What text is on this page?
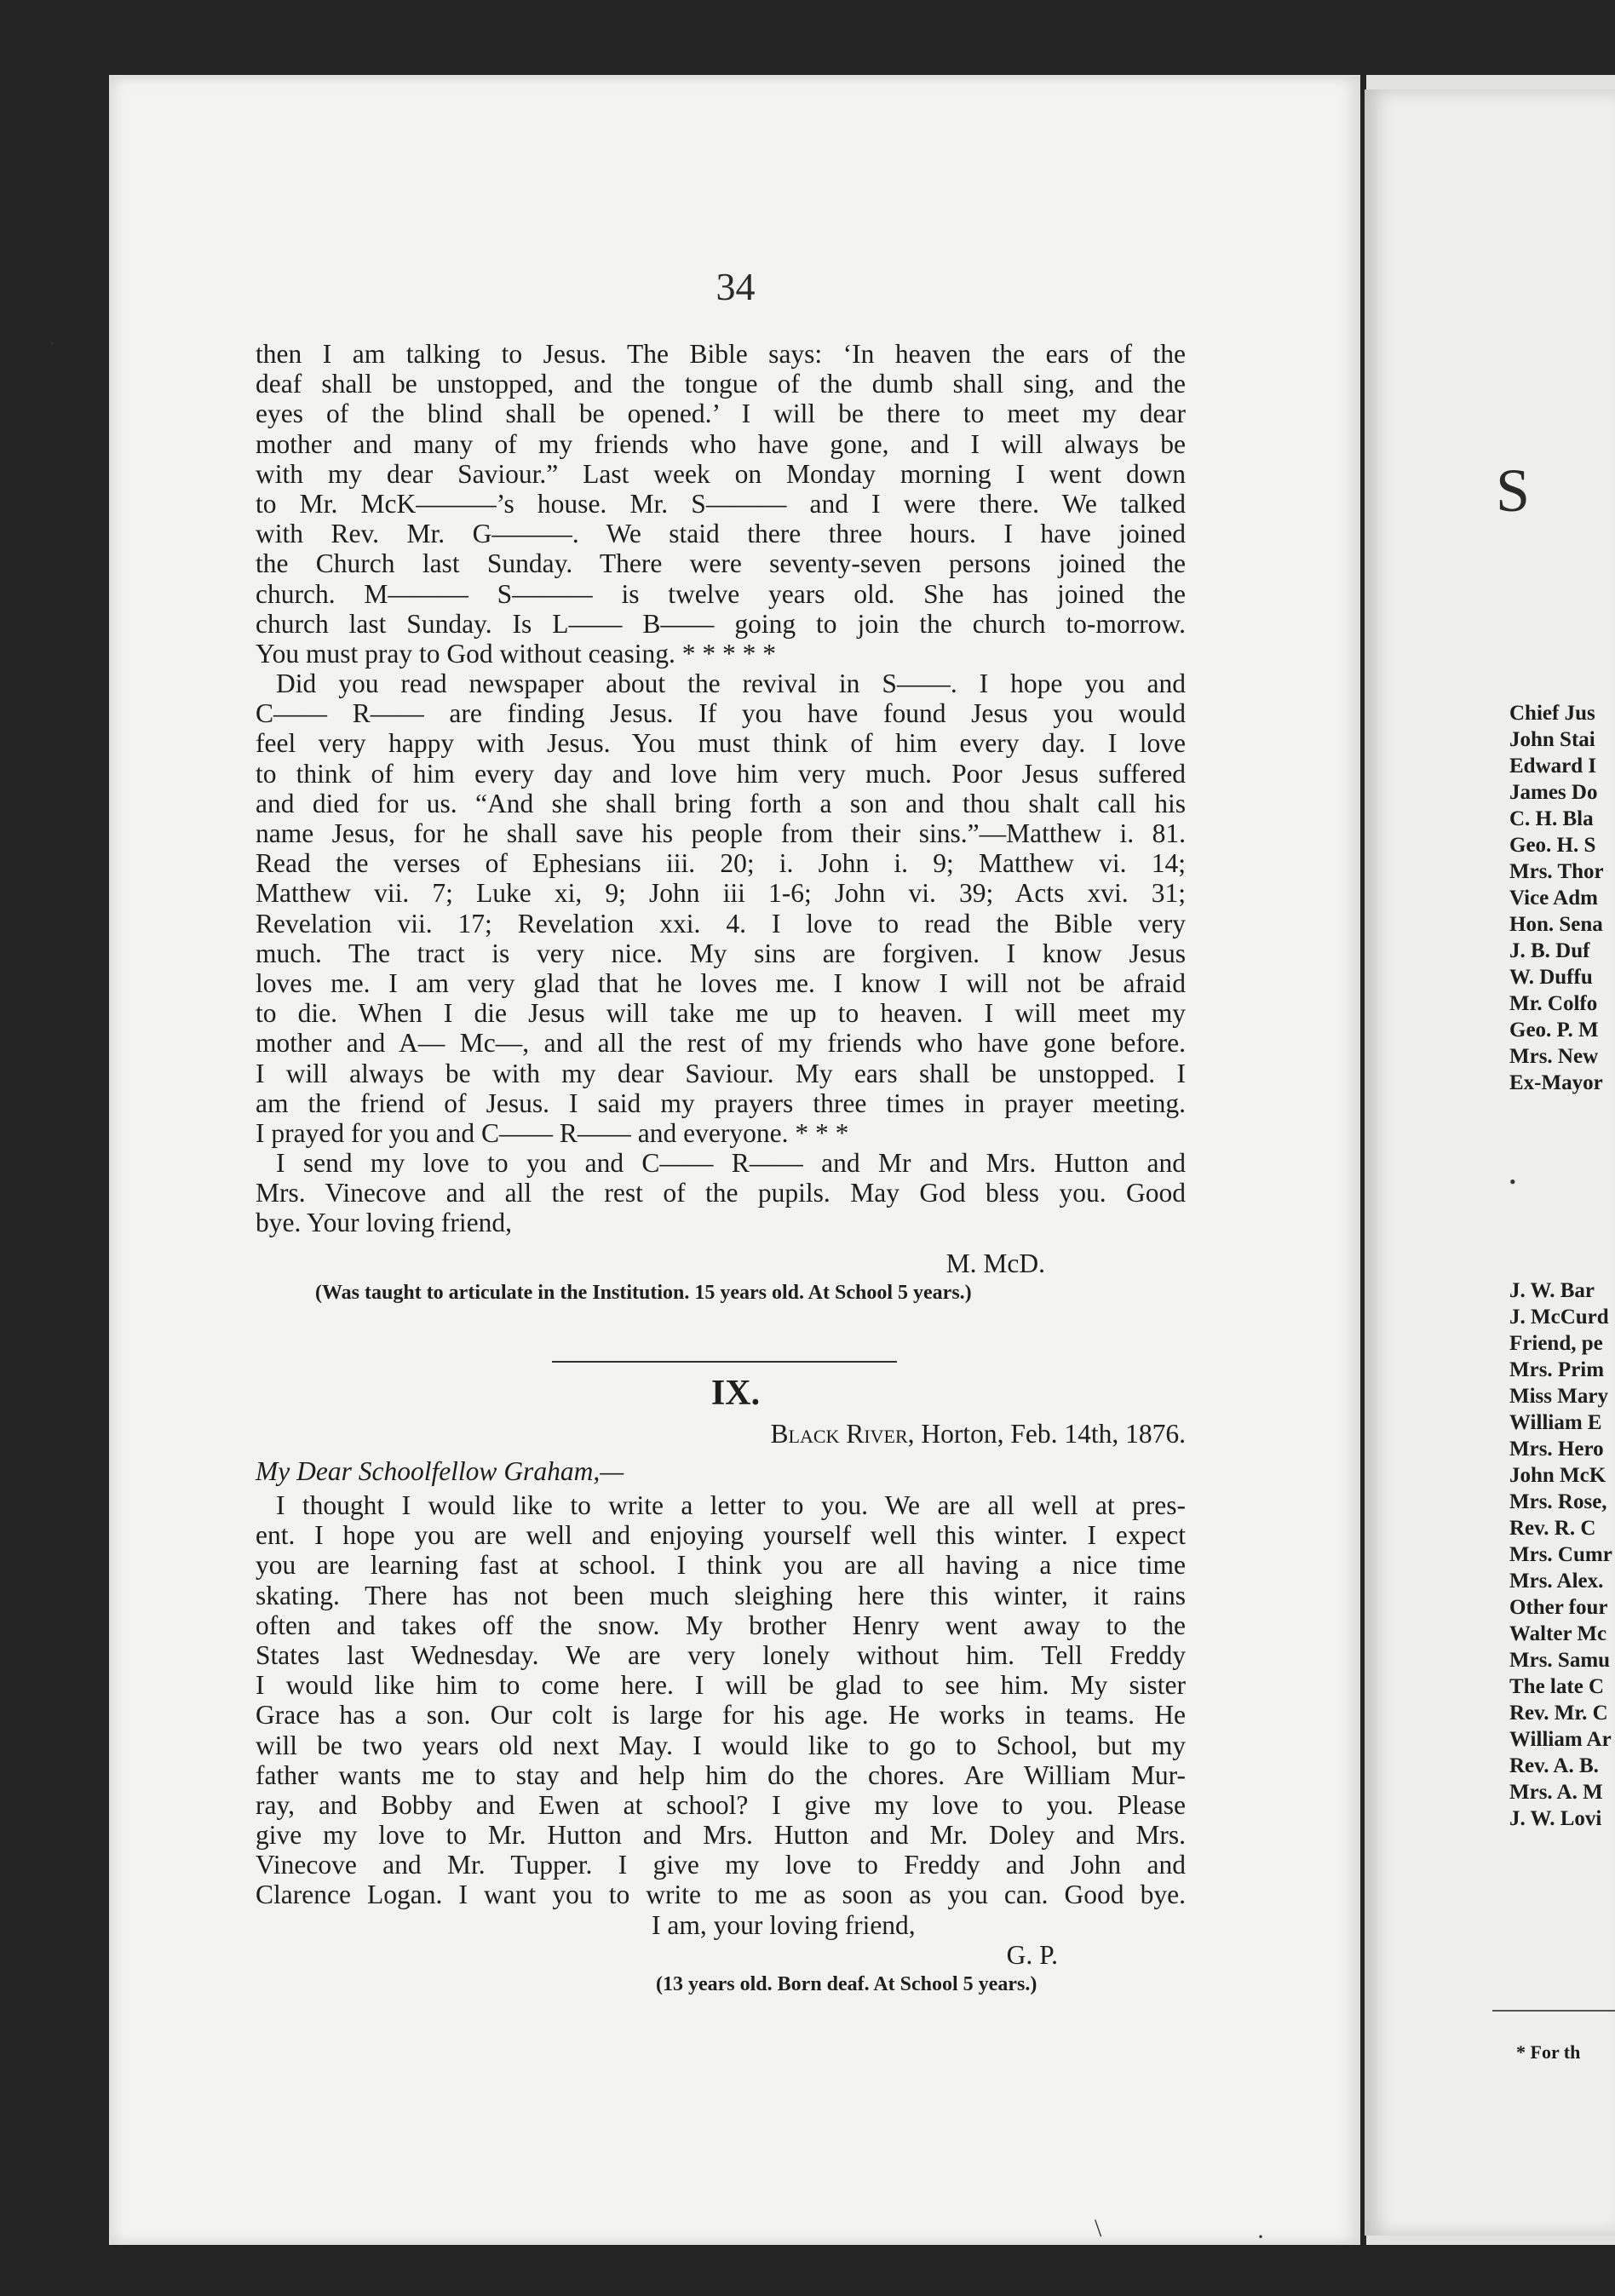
34
then I am talking to Jesus. The Bible says: ‘In heaven the ears of the
deaf shall be unstopped, and the tongue of the dumb shall sing, and the
eyes of the blind shall be opened.’ I will be there to meet my dear
mother and many of my friends who have gone, and I will always be
with my dear Saviour.” Last week on Monday morning I went down
to Mr. McK———’s house. Mr. S——— and I were there. We talked
with Rev. Mr. G———. We staid there three hours. I have joined
the Church last Sunday. There were seventy-seven persons joined the
church. M——— S——— is twelve years old. She has joined the
church last Sunday. Is L—— B—— going to join the church to-morrow.
You must pray to God without ceasing. * * * * *
Did you read newspaper about the revival in S——. I hope you and
C—— R—— are finding Jesus. If you have found Jesus you would
feel very happy with Jesus. You must think of him every day. I love
to think of him every day and love him very much. Poor Jesus suffered
and died for us. “And she shall bring forth a son and thou shalt call his
name Jesus, for he shall save his people from their sins.”—Matthew i. 81.
Read the verses of Ephesians iii. 20; i. John i. 9; Matthew vi. 14;
Matthew vii. 7; Luke xi, 9; John iii 1-6; John vi. 39; Acts xvi. 31;
Revelation vii. 17; Revelation xxi. 4. I love to read the Bible very
much. The tract is very nice. My sins are forgiven. I know Jesus
loves me. I am very glad that he loves me. I know I will not be afraid
to die. When I die Jesus will take me up to heaven. I will meet my
mother and A— Mc—, and all the rest of my friends who have gone before.
I will always be with my dear Saviour. My ears shall be unstopped. I
am the friend of Jesus. I said my prayers three times in prayer meeting.
I prayed for you and C—— R—— and everyone. * * *
I send my love to you and C—— R—— and Mr and Mrs. Hutton and
Mrs. Vinecove and all the rest of the pupils. May God bless you. Good
bye. Your loving friend,
M. McD.
(Was taught to articulate in the Institution. 15 years old. At School 5 years.)
IX.
Black River, Horton, Feb. 14th, 1876.
My Dear Schoolfellow Graham,—
I thought I would like to write a letter to you. We are all well at pres-
ent. I hope you are well and enjoying yourself well this winter. I expect
you are learning fast at school. I think you are all having a nice time
skating. There has not been much sleighing here this winter, it rains
often and takes off the snow. My brother Henry went away to the
States last Wednesday. We are very lonely without him. Tell Freddy
I would like him to come here. I will be glad to see him. My sister
Grace has a son. Our colt is large for his age. He works in teams. He
will be two years old next May. I would like to go to School, but my
father wants me to stay and help him do the chores. Are William Mur-
ray, and Bobby and Ewen at school? I give my love to you. Please
give my love to Mr. Hutton and Mrs. Hutton and Mr. Doley and Mrs.
Vinecove and Mr. Tupper. I give my love to Freddy and John and
Clarence Logan. I want you to write to me as soon as you can. Good bye.
I am, your loving friend,
G. P.
(13 years old. Born deaf. At School 5 years.)
˙
\	·
S
Chief Jus
John Stai
Edward I
James Do
C. H. Bla
Geo. H. S
Mrs. Thor
Vice Adm
Hon. Sena
J. B. Duf
W. Duffu
Mr. Colfo
Geo. P. M
Mrs. New
Ex-Mayor
J. W. Bar
J. McCurd
Friend, pe
Mrs. Prim
Miss Mary
William E
Mrs. Hero
John McK
Mrs. Rose,
Rev. R. C
Mrs. Cumr
Mrs. Alex.
Other four
Walter Mc
Mrs. Samu
The late C
Rev. Mr. C
William Ar
Rev. A. B.
Mrs. A. M
J. W. Lovi
•
* For th
